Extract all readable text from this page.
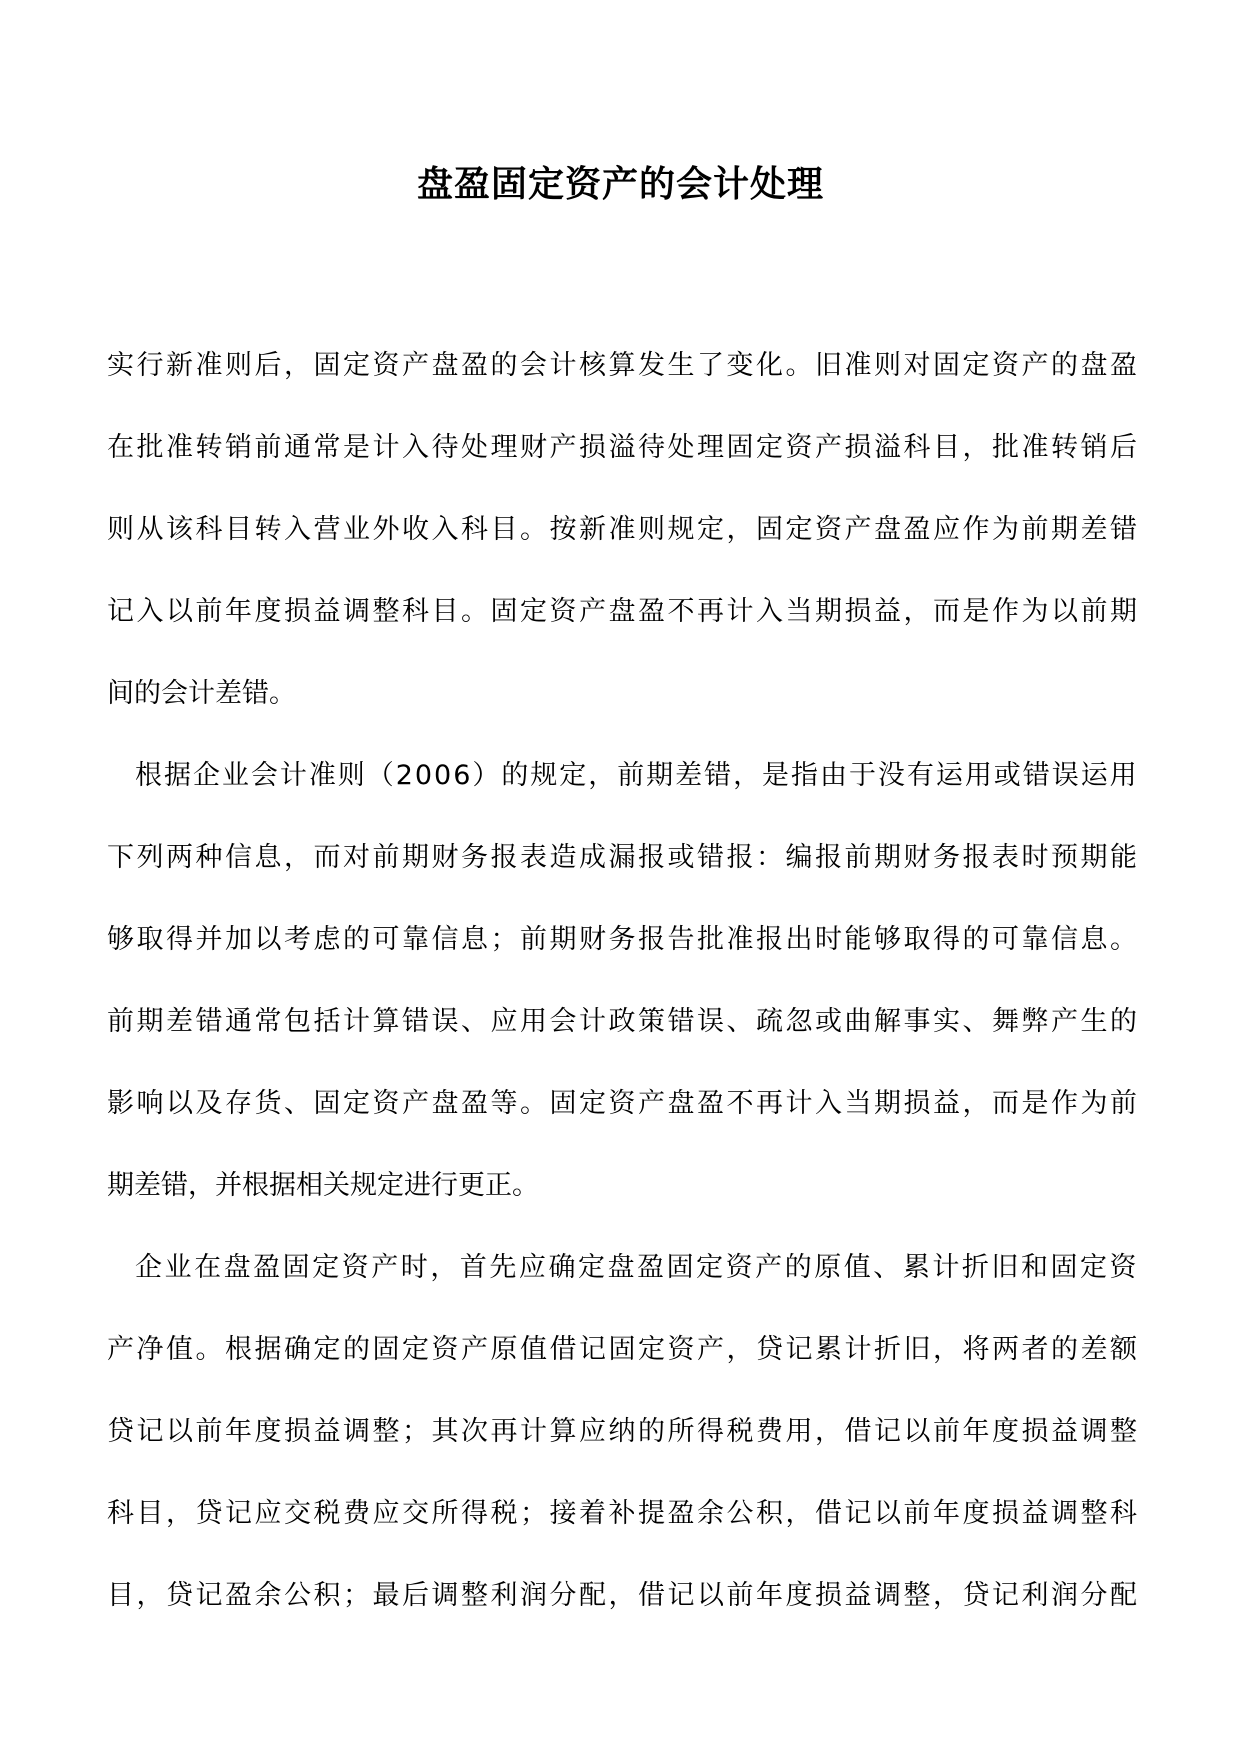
盘盈固定资产的会计处理
实 行 新 准 则 后 ， 固 定 资 产 盘 盈 的 会 计 核 算 发 生 了 变 化 。 旧 准 则 对 固 定 资 产 的 盘 盈
在 批 准 转 销 前 通 常 是 计 入 待 处 理 财 产 损 溢 待 处 理 固 定 资 产 损 溢 科 目 ， 批 准 转 销 后
则 从 该 科 目 转 入 营 业 外 收 入 科 目 。 按 新 准 则 规 定 ， 固 定 资 产 盘 盈 应 作 为 前 期 差 错
记 入 以 前 年 度 损 益 调 整 科 目 。 固 定 资 产 盘 盈 不 再 计 入 当 期 损 益 ， 而 是 作 为 以 前 期
间的会计差错。
根 据 企 业 会 计 准 则 （ 2 0 0 6 ） 的 规 定 ， 前 期 差 错 ， 是 指 由 于 没 有 运 用 或 错 误 运 用
下 列 两 种 信 息 ， 而 对 前 期 财 务 报 表 造 成 漏 报 或 错 报 ： 编 报 前 期 财 务 报 表 时 预 期 能
够 取 得 并 加 以 考 虑 的 可 靠 信 息 ； 前 期 财 务 报 告 批 准 报 出 时 能 够 取 得 的 可 靠 信 息 。
前 期 差 错 通 常 包 括 计 算 错 误 、 应 用 会 计 政 策 错 误 、 疏 忽 或 曲 解 事 实 、 舞 弊 产 生 的
影 响 以 及 存 货 、 固 定 资 产 盘 盈 等 。 固 定 资 产 盘 盈 不 再 计 入 当 期 损 益 ， 而 是 作 为 前
期差错，并根据相关规定进行更正。
企 业 在 盘 盈 固 定 资 产 时 ， 首 先 应 确 定 盘 盈 固 定 资 产 的 原 值 、 累 计 折 旧 和 固 定 资
产 净 值 。 根 据 确 定 的 固 定 资 产 原 值 借 记 固 定 资 产 ， 贷 记 累 计 折 旧 ， 将 两 者 的 差 额
贷 记 以 前 年 度 损 益 调 整 ； 其 次 再 计 算 应 纳 的 所 得 税 费 用 ， 借 记 以 前 年 度 损 益 调 整
科 目 ， 贷 记 应 交 税 费 应 交 所 得 税 ； 接 着 补 提 盈 余 公 积 ， 借 记 以 前 年 度 损 益 调 整 科
目 ， 贷 记 盈 余 公 积 ； 最 后 调 整 利 润 分 配 ， 借 记 以 前 年 度 损 益 调 整 ， 贷 记 利 润 分 配
